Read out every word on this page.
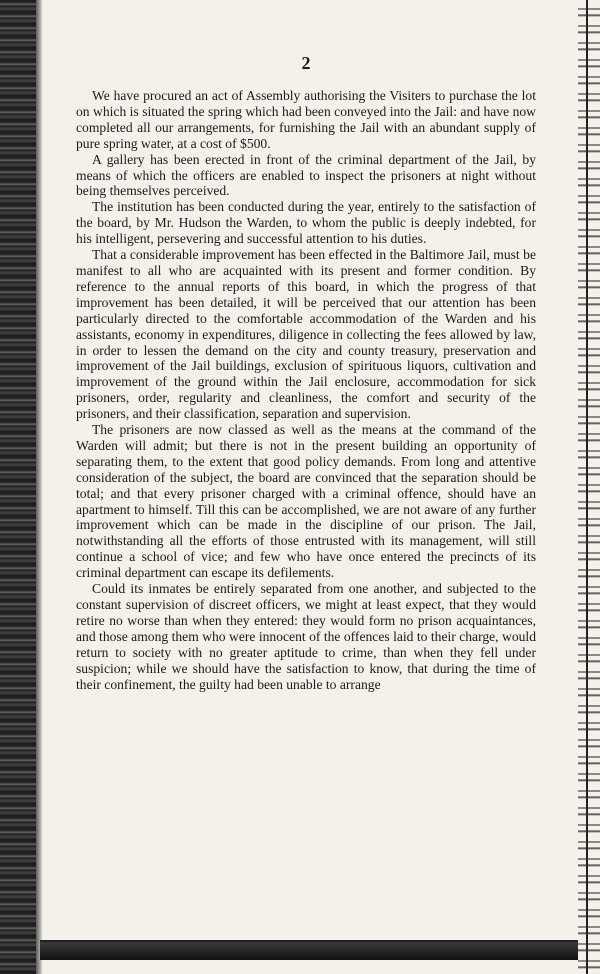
2

We have procured an act of Assembly authorising the Visiters to purchase the lot on which is situated the spring which had been conveyed into the Jail: and have now completed all our arrangements, for furnishing the Jail with an abundant supply of pure spring water, at a cost of $500.

A gallery has been erected in front of the criminal department of the Jail, by means of which the officers are enabled to inspect the prisoners at night without being themselves perceived.

The institution has been conducted during the year, entirely to the satisfaction of the board, by Mr. Hudson the Warden, to whom the public is deeply indebted, for his intelligent, persevering and successful attention to his duties.

That a considerable improvement has been effected in the Baltimore Jail, must be manifest to all who are acquainted with its present and former condition. By reference to the annual reports of this board, in which the progress of that improvement has been detailed, it will be perceived that our attention has been particularly directed to the comfortable accommodation of the Warden and his assistants, economy in expenditures, diligence in collecting the fees allowed by law, in order to lessen the demand on the city and county treasury, preservation and improvement of the Jail buildings, exclusion of spirituous liquors, cultivation and improvement of the ground within the Jail enclosure, accommodation for sick prisoners, order, regularity and cleanliness, the comfort and security of the prisoners, and their classification, separation and supervision.

The prisoners are now classed as well as the means at the command of the Warden will admit; but there is not in the present building an opportunity of separating them, to the extent that good policy demands. From long and attentive consideration of the subject, the board are convinced that the separation should be total; and that every prisoner charged with a criminal offence, should have an apartment to himself. Till this can be accomplished, we are not aware of any further improvement which can be made in the discipline of our prison. The Jail, notwithstanding all the efforts of those entrusted with its management, will still continue a school of vice; and few who have once entered the precincts of its criminal department can escape its defilements.

Could its inmates be entirely separated from one another, and subjected to the constant supervision of discreet officers, we might at least expect, that they would retire no worse than when they entered: they would form no prison acquaintances, and those among them who were innocent of the offences laid to their charge, would return to society with no greater aptitude to crime, than when they fell under suspicion; while we should have the satisfaction to know, that during the time of their confinement, the guilty had been unable to arrange
